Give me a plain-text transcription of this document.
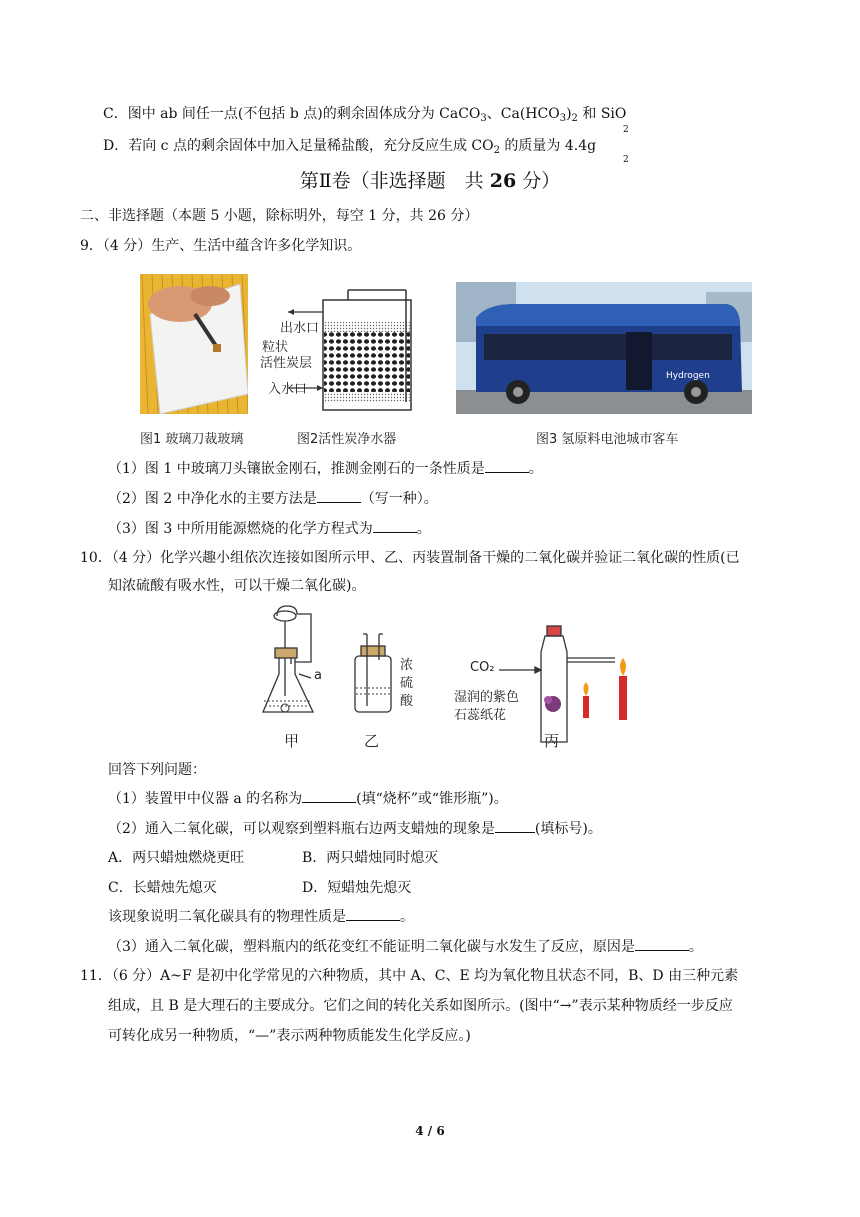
C．图中 ab 间任一点(不包括 b 点)的剩余固体成分为 CaCO$_3$、$Ca(HCO_3)_2$ 和 SiO
2
D．若向 c 点的剩余固体中加入足量稀盐酸，充分反应生成 $CO_2$ 的质量为 4.4g
2
第Ⅱ卷（非选择题　共 26 分）
二、非选择题（本题 5 小题，除标明外，每空 1 分，共 26 分）
9．（4 分）生产、生活中蕴含许多化学知识。
出水口
粒状
活性炭层
入水口
Hydrogen
图1 玻璃刀裁玻璃	图2活性炭净水器	图3 氢原料电池城市客车
（1）图 1 中玻璃刀头镶嵌金刚石，推测金刚石的一条性质是	。
（2）图 2 中净化水的主要方法是	（写一种）。
（3）图 3 中所用能源燃烧的化学方程式为	。
10．（4 分）化学兴趣小组依次连接如图所示甲、乙、丙装置制备干燥的二氧化碳并验证二氧化碳的性质(已
知浓硫酸有吸水性，可以干燥二氧化碳)。
a
浓
硫
酸
CO₂
湿润的紫色
石蕊纸花
甲	乙	丙
回答下列问题：
（1）装置甲中仪器 a 的名称为	(填“烧杯”或“锥形瓶”)。
（2）通入二氧化碳，可以观察到塑料瓶右边两支蜡烛的现象是	(填标号)。
A．两只蜡烛燃烧更旺	B．两只蜡烛同时熄灭
C．长蜡烛先熄灭	D．短蜡烛先熄灭
该现象说明二氧化碳具有的物理性质是	。
（3）通入二氧化碳，塑料瓶内的纸花变红不能证明二氧化碳与水发生了反应，原因是	。
11．（6 分）A~F 是初中化学常见的六种物质，其中 A、C、E 均为氧化物且状态不同，B、D 由三种元素
组成，且 B 是大理石的主要成分。它们之间的转化关系如图所示。(图中“→”表示某种物质经一步反应
可转化成另一种物质，“—”表示两种物质能发生化学反应。)
4 / 6
